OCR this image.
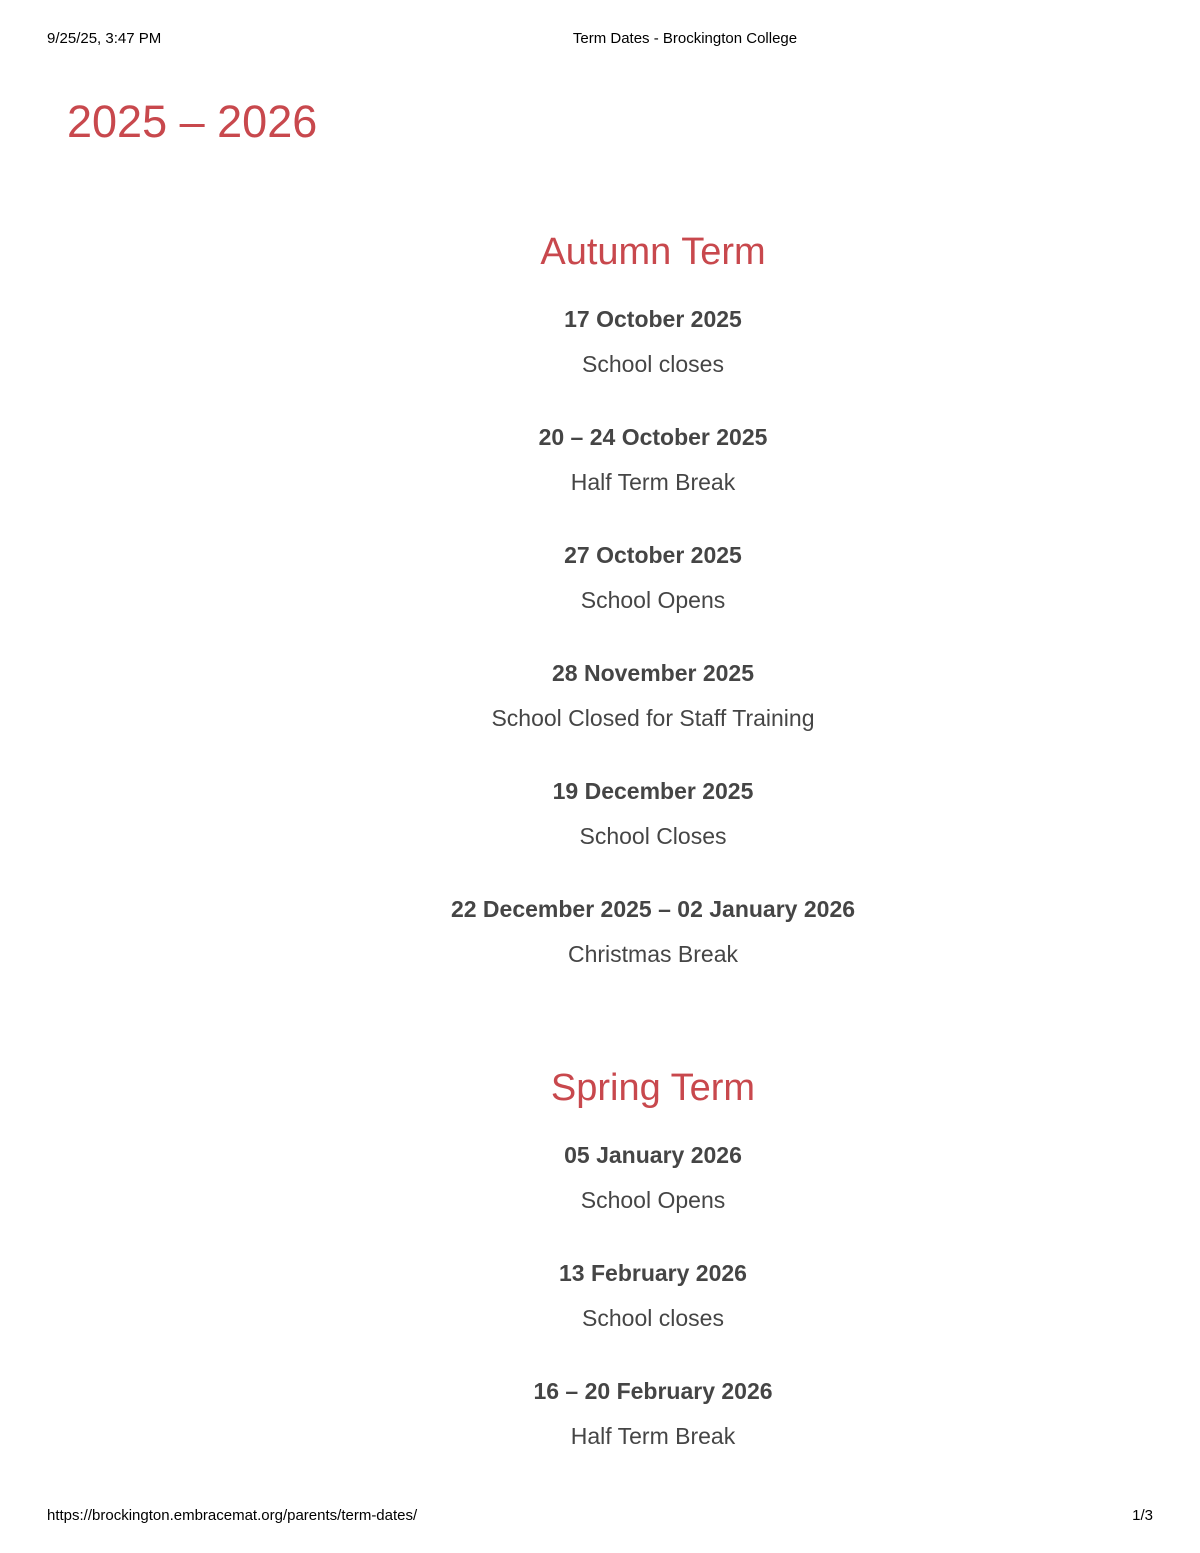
9/25/25, 3:47 PM	Term Dates - Brockington College
2025 – 2026
Autumn Term
17 October 2025
School closes
20 – 24 October 2025
Half Term Break
27 October 2025
School Opens
28 November 2025
School Closed for Staff Training
19 December 2025
School Closes
22 December 2025 – 02 January 2026
Christmas Break
Spring Term
05 January 2026
School Opens
13 February 2026
School closes
16 – 20 February 2026
Half Term Break
https://brockington.embracemat.org/parents/term-dates/	1/3
